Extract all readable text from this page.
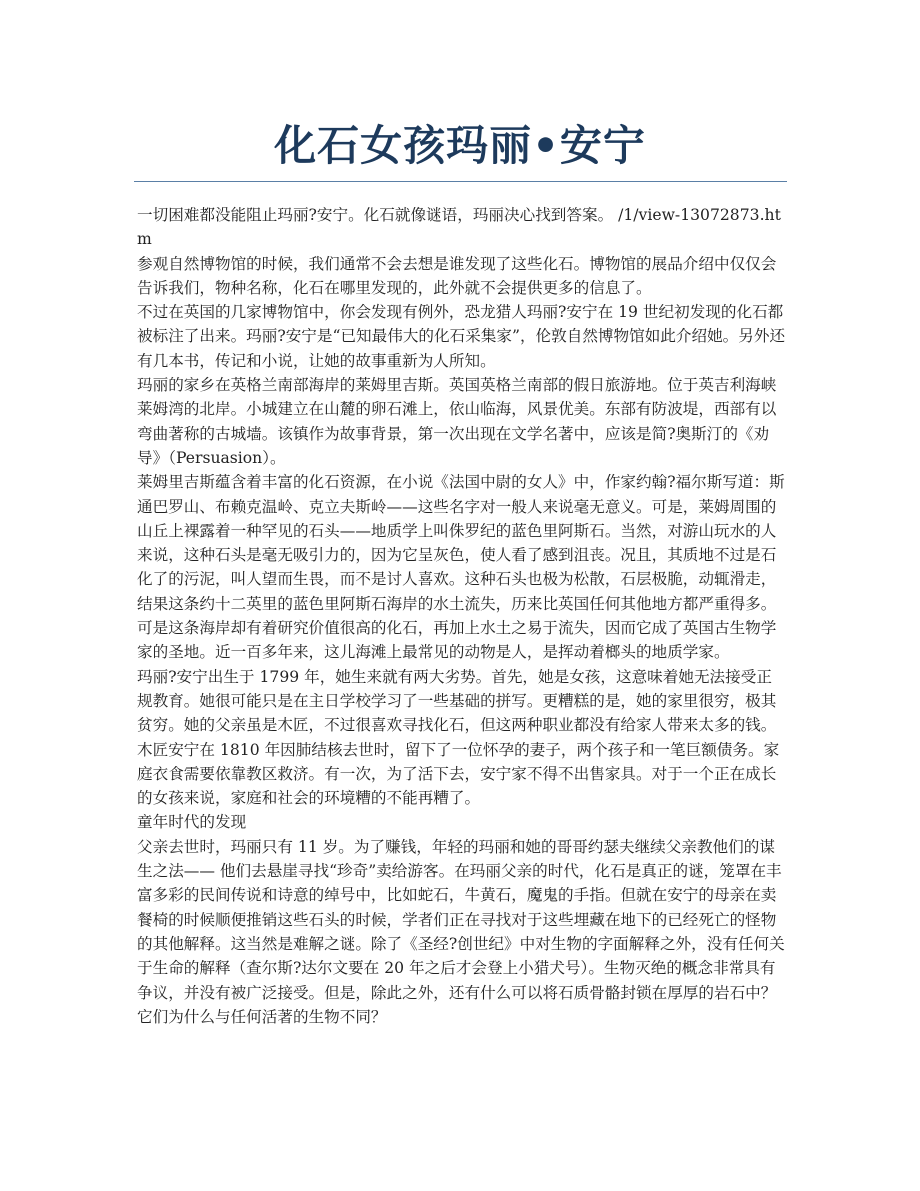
化石女孩玛丽•安宁

一切困难都没能阻止玛丽?安宁。化石就像谜语，玛丽决心找到答案。 /1/view-13072873.htm

参观自然博物馆的时候，我们通常不会去想是谁发现了这些化石。博物馆的展品介绍中仅仅会告诉我们，物种名称，化石在哪里发现的，此外就不会提供更多的信息了。

不过在英国的几家博物馆中，你会发现有例外，恐龙猎人玛丽?安宁在 19 世纪初发现的化石都被标注了出来。玛丽?安宁是“已知最伟大的化石采集家”，伦敦自然博物馆如此介绍她。另外还有几本书，传记和小说，让她的故事重新为人所知。

玛丽的家乡在英格兰南部海岸的莱姆里吉斯。英国英格兰南部的假日旅游地。位于英吉利海峡莱姆湾的北岸。小城建立在山麓的卵石滩上，依山临海，风景优美。东部有防波堤，西部有以弯曲著称的古城墙。该镇作为故事背景，第一次出现在文学名著中，应该是简?奥斯汀的《劝导》（Persuasion）。

莱姆里吉斯蕴含着丰富的化石资源，在小说《法国中尉的女人》中，作家约翰?福尔斯写道：斯通巴罗山、布赖克温岭、克立夫斯岭——这些名字对一般人来说毫无意义。可是，莱姆周围的山丘上裸露着一种罕见的石头——地质学上叫侏罗纪的蓝色里阿斯石。当然，对游山玩水的人来说，这种石头是毫无吸引力的，因为它呈灰色，使人看了感到沮丧。况且，其质地不过是石化了的污泥，叫人望而生畏，而不是讨人喜欢。这种石头也极为松散，石层极脆，动辄滑走，结果这条约十二英里的蓝色里阿斯石海岸的水土流失，历来比英国任何其他地方都严重得多。可是这条海岸却有着研究价值很高的化石，再加上水土之易于流失，因而它成了英国古生物学家的圣地。近一百多年来，这儿海滩上最常见的动物是人，是挥动着榔头的地质学家。

玛丽?安宁出生于 1799 年，她生来就有两大劣势。首先，她是女孩，这意味着她无法接受正规教育。她很可能只是在主日学校学习了一些基础的拼写。更糟糕的是，她的家里很穷，极其贫穷。她的父亲虽是木匠，不过很喜欢寻找化石，但这两种职业都没有给家人带来太多的钱。木匠安宁在 1810 年因肺结核去世时，留下了一位怀孕的妻子，两个孩子和一笔巨额债务。家庭衣食需要依靠教区救济。有一次，为了活下去，安宁家不得不出售家具。对于一个正在成长的女孩来说，家庭和社会的环境糟的不能再糟了。

童年时代的发现

父亲去世时，玛丽只有 11 岁。为了赚钱，年轻的玛丽和她的哥哥约瑟夫继续父亲教他们的谋生之法—— 他们去悬崖寻找“珍奇”卖给游客。在玛丽父亲的时代，化石是真正的谜，笼罩在丰富多彩的民间传说和诗意的绰号中，比如蛇石，牛黄石，魔鬼的手指。但就在安宁的母亲在卖餐椅的时候顺便推销这些石头的时候，学者们正在寻找对于这些埋藏在地下的已经死亡的怪物的其他解释。这当然是难解之谜。除了《圣经?创世纪》中对生物的字面解释之外，没有任何关于生命的解释（查尔斯?达尔文要在 20 年之后才会登上小猎犬号）。生物灭绝的概念非常具有争议，并没有被广泛接受。但是，除此之外，还有什么可以将石质骨骼封锁在厚厚的岩石中？它们为什么与任何活著的生物不同？
